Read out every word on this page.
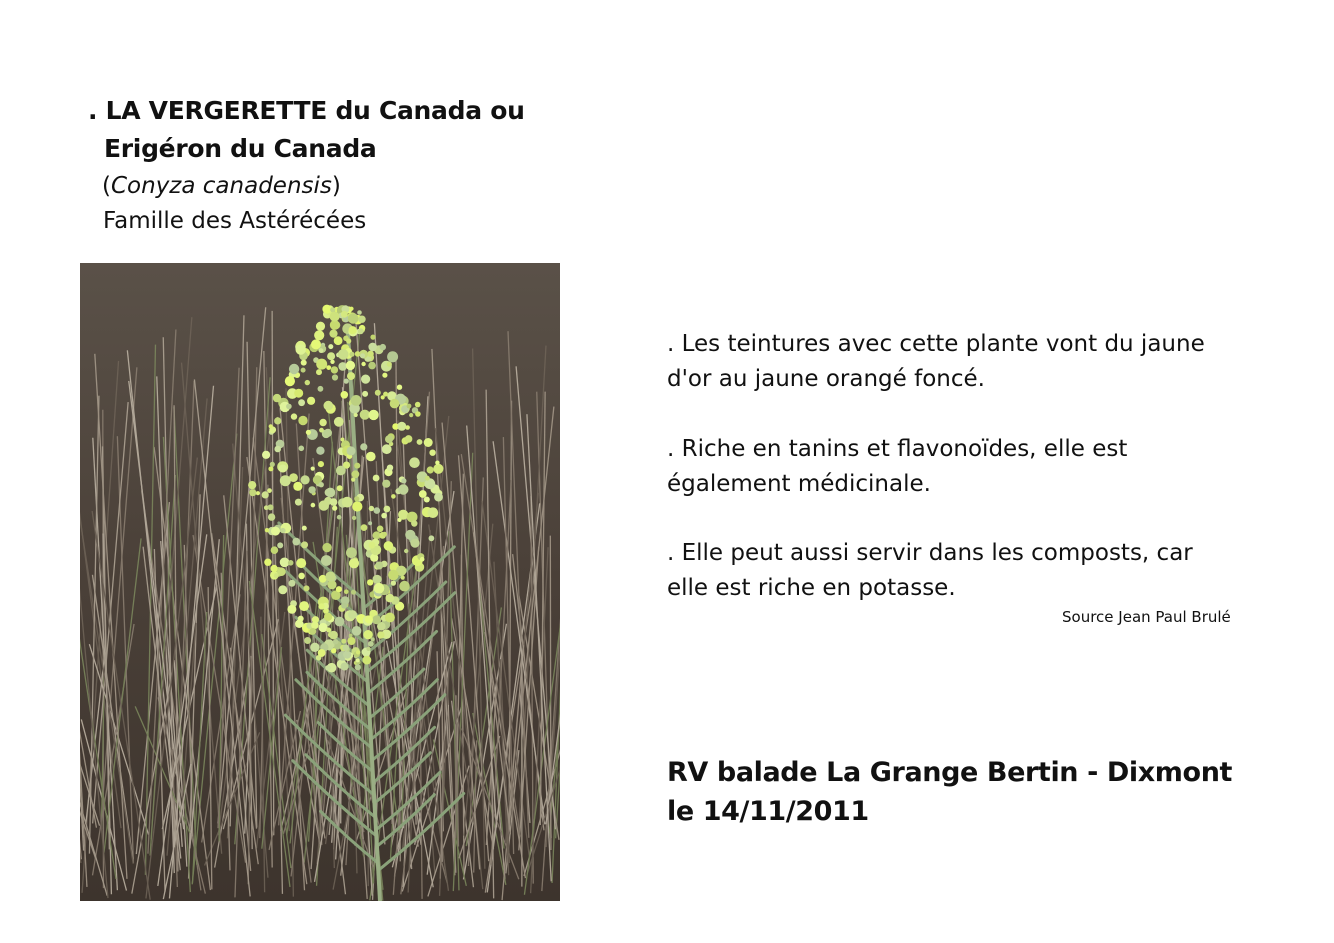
. LA VERGERETTE du Canada ou
Erigéron du Canada
(Conyza canadensis)
Famille des Astérécées
. Les teintures avec cette plante vont du jaune
d'or au jaune orangé foncé.
. Riche en tanins et flavonoïdes, elle est
également médicinale.
. Elle peut aussi servir dans les composts, car
elle est riche en potasse.
Source Jean Paul Brulé
RV balade La Grange Bertin - Dixmont
le 14/11/2011
